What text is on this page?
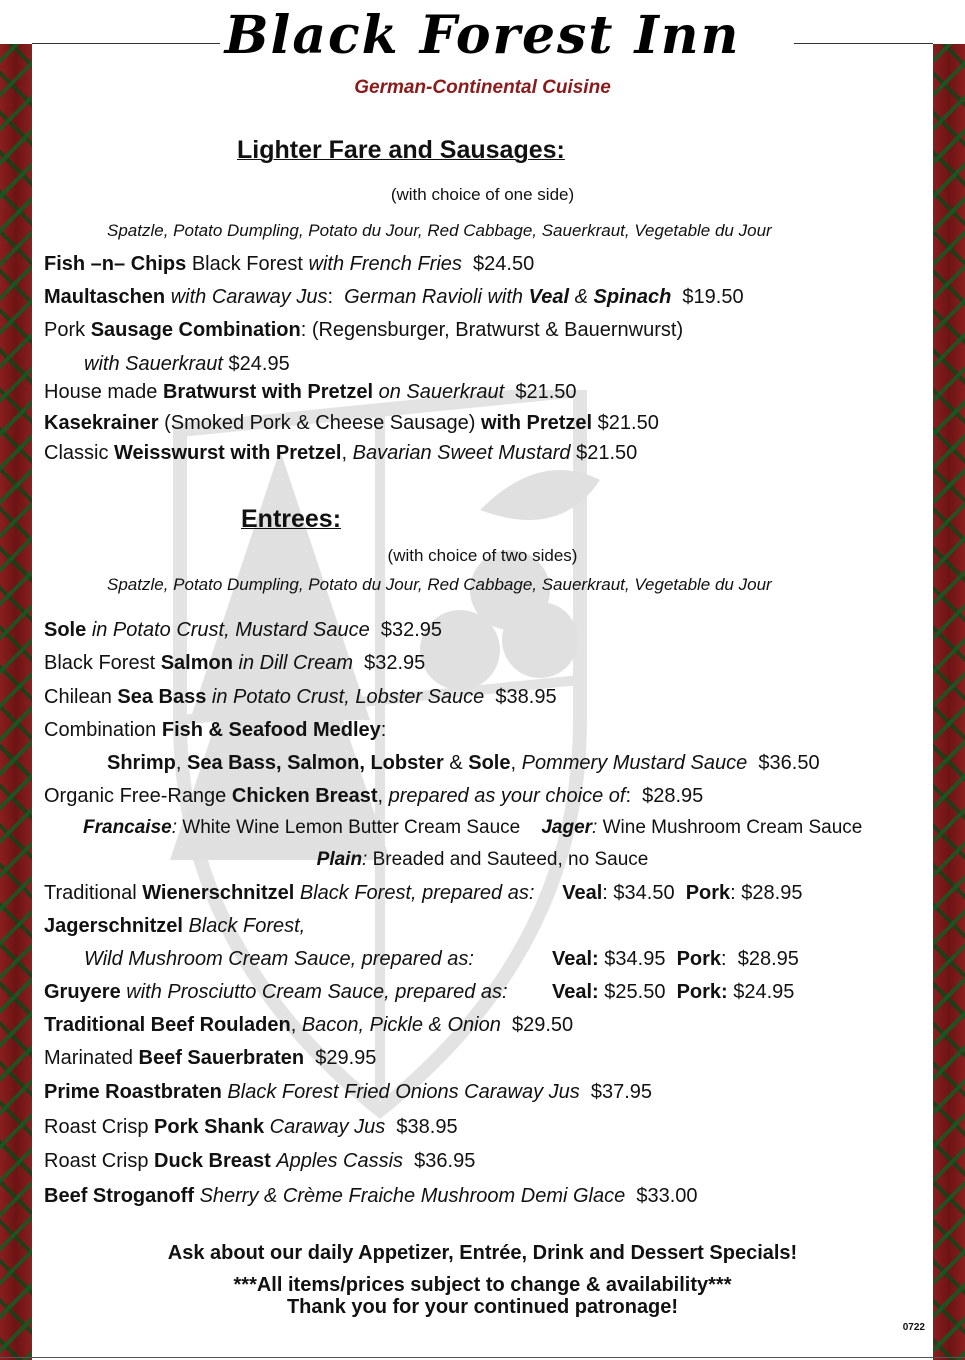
Black Forest Inn
German-Continental Cuisine
Lighter Fare and Sausages:
(with choice of one side)
Spatzle, Potato Dumpling, Potato du Jour, Red Cabbage, Sauerkraut, Vegetable du Jour
Fish –n– Chips Black Forest with French Fries $24.50
Maultaschen with Caraway Jus:  German Ravioli with Veal & Spinach $19.50
Pork Sausage Combination: (Regensburger, Bratwurst & Bauernwurst)
with Sauerkraut $24.95
House made Bratwurst with Pretzel on Sauerkraut $21.50
Kasekrainer (Smoked Pork & Cheese Sausage) with Pretzel $21.50
Classic Weisswurst with Pretzel, Bavarian Sweet Mustard $21.50
Entrees:
(with choice of two sides)
Spatzle, Potato Dumpling, Potato du Jour, Red Cabbage, Sauerkraut, Vegetable du Jour
Sole in Potato Crust, Mustard Sauce $32.95
Black Forest Salmon in Dill Cream $32.95
Chilean Sea Bass in Potato Crust, Lobster Sauce $38.95
Combination Fish & Seafood Medley:
Shrimp, Sea Bass, Salmon, Lobster & Sole, Pommery Mustard Sauce $36.50
Organic Free-Range Chicken Breast, prepared as your choice of:  $28.95
Francaise: White Wine Lemon Butter Cream Sauce Jager: Wine Mushroom Cream Sauce
Plain: Breaded and Sauteed, no Sauce
Traditional Wienerschnitzel Black Forest, prepared as: Veal: $34.50 Pork: $28.95
Jagerschnitzel Black Forest,
Wild Mushroom Cream Sauce, prepared as:	Veal: $34.95 Pork:  $28.95
Gruyere with Prosciutto Cream Sauce, prepared as: Veal: $25.50 Pork: $24.95
Traditional Beef Rouladen, Bacon, Pickle & Onion $29.50
Marinated Beef Sauerbraten $29.95
Prime Roastbraten Black Forest Fried Onions Caraway Jus $37.95
Roast Crisp Pork Shank Caraway Jus $38.95
Roast Crisp Duck Breast Apples Cassis $36.95
Beef Stroganoff Sherry & Crème Fraiche Mushroom Demi Glace $33.00
Ask about our daily Appetizer, Entrée, Drink and Dessert Specials!
***All items/prices subject to change & availability***
Thank you for your continued patronage!
0722
